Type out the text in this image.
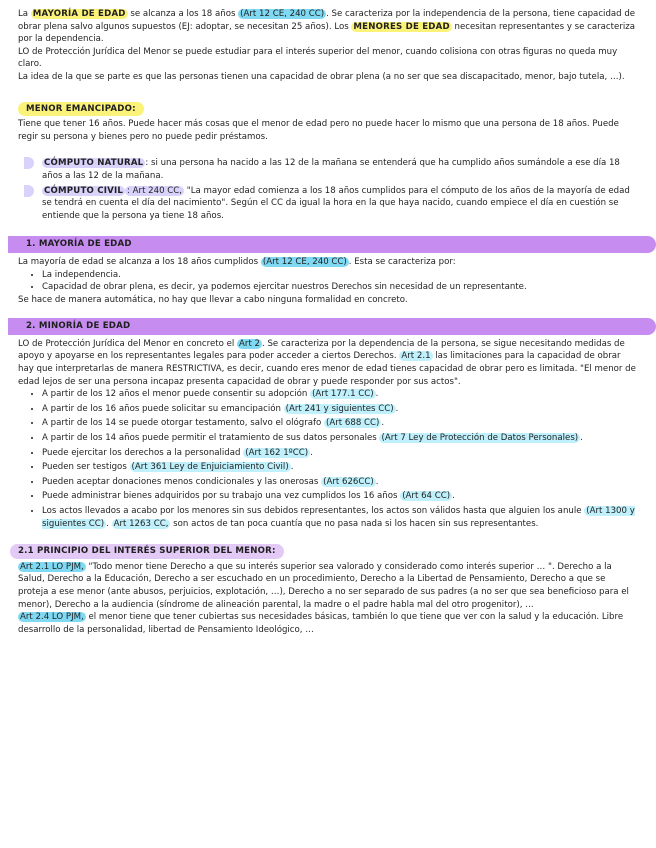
La MAYORÍA DE EDAD se alcanza a los 18 años (Art 12 CE, 240 CC) . Se caracteriza por la independencia de la persona, tiene capacidad de obrar plena salvo algunos supuestos (EJ: adoptar, se necesitan 25 años). Los MENORES DE EDAD necesitan representantes y se caracteriza por la dependencia.

LO de Protección Jurídica del Menor se puede estudiar para el interés superior del menor, cuando colisiona con otras figuras no queda muy claro.

La idea de la que se parte es que las personas tienen una capacidad de obrar plena (a no ser que sea discapacitado, menor, bajo tutela, …).

MENOR EMANCIPADO:

Tiene que tener 16 años. Puede hacer más cosas que el menor de edad pero no puede hacer lo mismo que una persona de 18 años. Puede regir su persona y bienes pero no puede pedir préstamos.

• CÓMPUTO NATURAL : si una persona ha nacido a las 12 de la mañana se entenderá que ha cumplido años sumándole a ese día 18 años a las 12 de la mañana.
• CÓMPUTO CIVIL : Art 240 CC, "La mayor edad comienza a los 18 años cumplidos para el cómputo de los años de la mayoría de edad se tendrá en cuenta el día del nacimiento". Según el CC da igual la hora en la que haya nacido, cuando empiece el día en cuestión se entiende que la persona ya tiene 18 años.
1. MAYORÍA DE EDAD

La mayoría de edad se alcanza a los 18 años cumplidos (Art 12 CE, 240 CC) . Esta se caracteriza por:

• La independencia.
• Capacidad de obrar plena, es decir, ya podemos ejercitar nuestros Derechos sin necesidad de un representante.

Se hace de manera automática, no hay que llevar a cabo ninguna formalidad en concreto.

2. MINORÍA DE EDAD

LO de Protección Jurídica del Menor en concreto el Art 2 . Se caracteriza por la dependencia de la persona, se sigue necesitando medidas de apoyo y apoyarse en los representantes legales para poder acceder a ciertos Derechos. Art 2.1 las limitaciones para la capacidad de obrar hay que interpretarlas de manera RESTRICTIVA, es decir, cuando eres menor de edad tienes capacidad de obrar pero es limitada. "El menor de edad lejos de ser una persona incapaz presenta capacidad de obrar y puede responder por sus actos".

• A partir de los 12 años el menor puede consentir su adopción (Art 177.1 CC) .
• A partir de los 16 años puede solicitar su emancipación (Art 241 y siguientes CC) .
• A partir de los 14 se puede otorgar testamento, salvo el ológrafo (Art 688 CC) .
• A partir de los 14 años puede permitir el tratamiento de sus datos personales (Art 7 Ley de Protección de Datos Personales) .
• Puede ejercitar los derechos a la personalidad (Art 162 1ºCC) .
• Pueden ser testigos (Art 361 Ley de Enjuiciamiento Civil) .
• Pueden aceptar donaciones menos condicionales y las onerosas (Art 626CC) .
• Puede administrar bienes adquiridos por su trabajo una vez cumplidos los 16 años (Art 64 CC) .
• Los actos llevados a acabo por los menores sin sus debidos representantes, los actos son válidos hasta que alguien los anule (Art 1300 y siguientes CC) . Art 1263 CC, son actos de tan poca cuantía que no pasa nada si los hacen sin sus representantes.
2.1 PRINCIPIO DEL INTERÉS SUPERIOR DEL MENOR:

Art 2.1 LO PJM, "Todo menor tiene Derecho a que su interés superior sea valorado y considerado como interés superior … ". Derecho a la Salud, Derecho a la Educación, Derecho a ser escuchado en un procedimiento, Derecho a la Libertad de Pensamiento, Derecho a que se proteja a ese menor (ante abusos, perjuicios, explotación, …), Derecho a no ser separado de sus padres (a no ser que sea beneficioso para el menor), Derecho a la audiencia (síndrome de alineación parental, la madre o el padre habla mal del otro progenitor), …

Art 2.4 LO PJM, el menor tiene que tener cubiertas sus necesidades básicas, también lo que tiene que ver con la salud y la educación. Libre desarrollo de la personalidad, libertad de Pensamiento Ideológico, …
